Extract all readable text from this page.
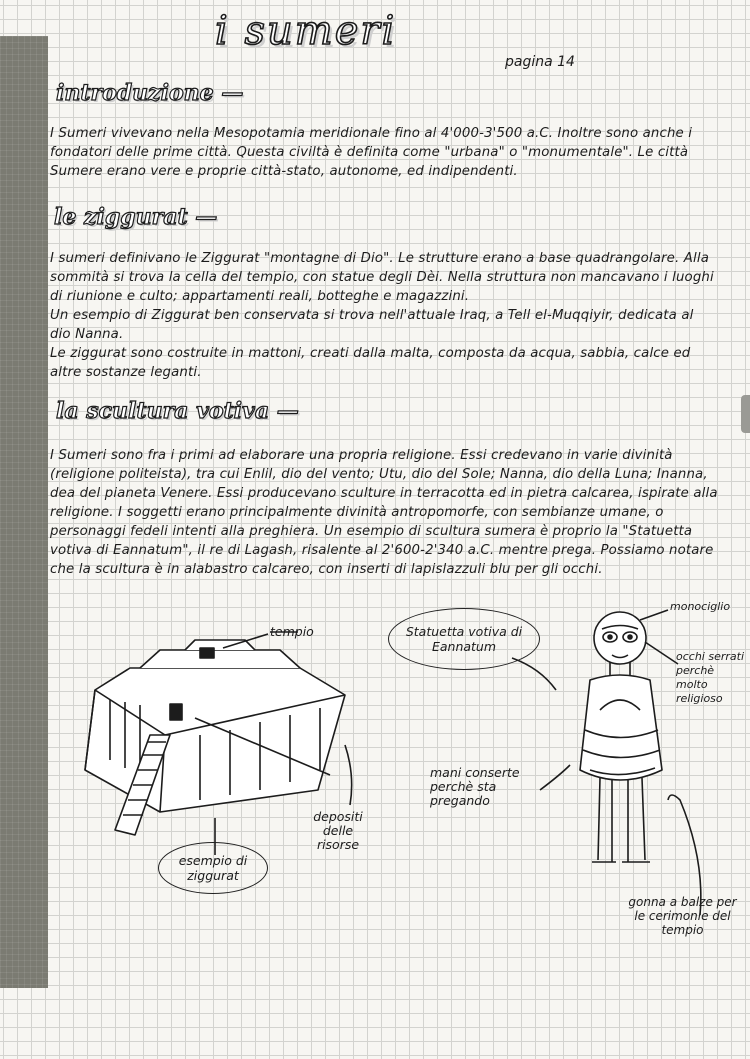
i sumeri
pagina 14
introduzione —

I Sumeri vivevano nella Mesopotamia meridionale fino al 4'000-3'500 a.C. Inoltre sono anche i fondatori delle prime città. Questa civiltà è definita come "urbana" o "monumentale". Le città Sumere erano vere e proprie città-stato, autonome, ed indipendenti.

le ziggurat —

I sumeri definivano le Ziggurat "montagne di Dio". Le strutture erano a base quadrangolare. Alla sommità si trova la cella del tempio, con statue degli Dèi. Nella struttura non mancavano i luoghi di riunione e culto; appartamenti reali, botteghe e magazzini.
Un esempio di Ziggurat ben conservata si trova nell'attuale Iraq, a Tell el-Muqqiyir, dedicata al dio Nanna.
Le ziggurat sono costruite in mattoni, creati dalla malta, composta da acqua, sabbia, calce ed altre sostanze leganti.

la scultura votiva —

I Sumeri sono fra i primi ad elaborare una propria religione. Essi credevano in varie divinità (religione politeista), tra cui Enlil, dio del vento; Utu, dio del Sole; Nanna, dio della Luna; Inanna, dea del pianeta Venere. Essi producevano sculture in terracotta ed in pietra calcarea, ispirate alla religione. I soggetti erano principalmente divinità antropomorfe, con sembianze umane, o personaggi fedeli intenti alla preghiera. Un esempio di scultura sumera è proprio la "Statuetta votiva di Eannatum", il re di Lagash, risalente al 2'600-2'340 a.C. mentre prega. Possiamo notare che la scultura è in alabastro calcareo, con inserti di lapislazzuli blu per gli occhi.

tempio
esempio di ziggurat
depositi delle risorse
Statuetta votiva di Eannatum
mani conserte perchè sta pregando
monociglio
occhi serrati perchè molto religioso
gonna a balze per le cerimonie del tempio
